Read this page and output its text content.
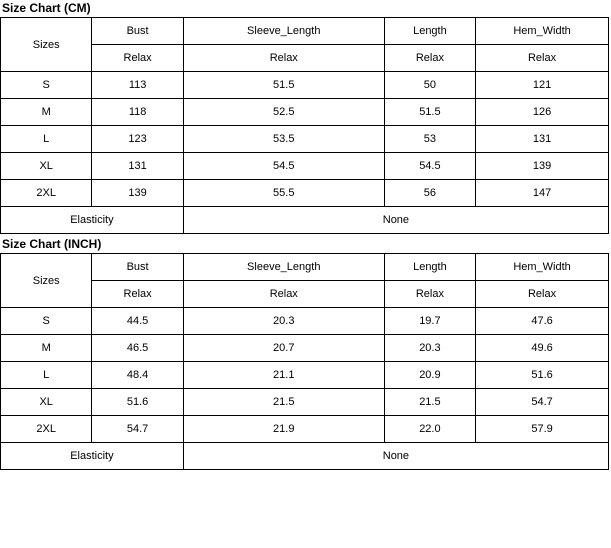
Size Chart (CM)
Sizes	Bust	Sleeve_Length	Length	Hem_Width
	Relax	Relax	Relax	Relax
S	113	51.5	50	121
M	118	52.5	51.5	126
L	123	53.5	53	131
XL	131	54.5	54.5	139
2XL	139	55.5	56	147
Elasticity		None		
Size Chart (INCH)
Sizes	Bust	Sleeve_Length	Length	Hem_Width
	Relax	Relax	Relax	Relax
S	44.5	20.3	19.7	47.6
M	46.5	20.7	20.3	49.6
L	48.4	21.1	20.9	51.6
XL	51.6	21.5	21.5	54.7
2XL	54.7	21.9	22.0	57.9
Elasticity		None		
